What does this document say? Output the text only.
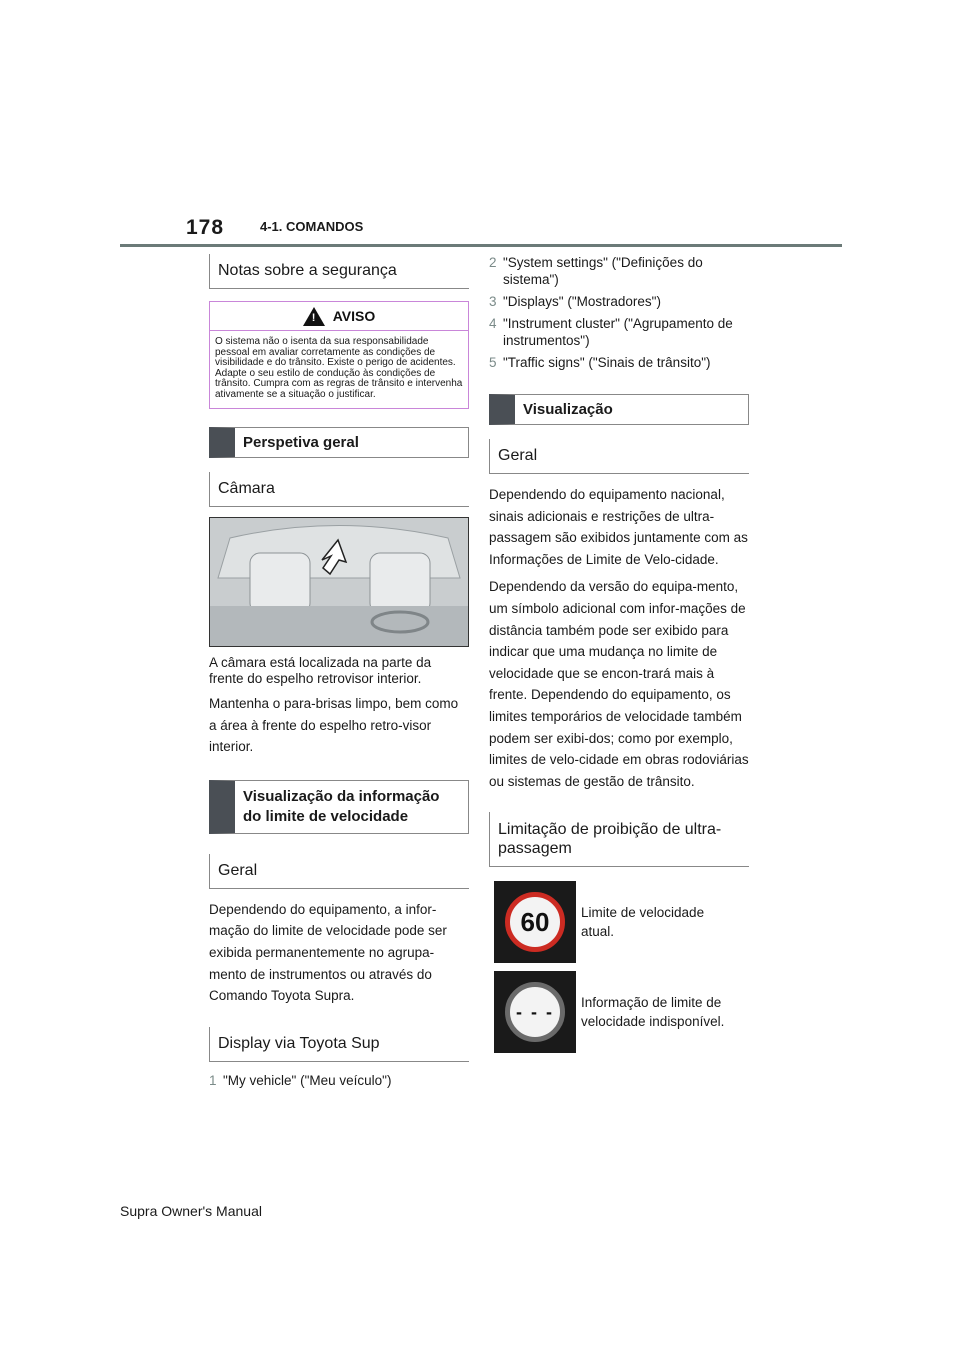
178	4-1. COMANDOS
Notas sobre a segurança
! AVISO
O sistema não o isenta da sua responsabilidade pessoal em avaliar corretamente as condições de visibilidade e do trânsito. Existe o perigo de acidentes. Adapte o seu estilo de condução às condições de trânsito. Cumpra com as regras de trânsito e intervenha ativamente se a situação o justificar.
Perspetiva geral
Câmara

A câmara está localizada na parte da frente do espelho retrovisor interior.

Mantenha o para-brisas limpo, bem como a área à frente do espelho retro-visor interior.

Visualização da informação do limite de velocidade
Geral

Dependendo do equipamento, a infor-mação do limite de velocidade pode ser exibida permanentemente no agrupa-mento de instrumentos ou através do Comando Toyota Supra.

Display via Toyota Sup
1 "My vehicle" ("Meu veículo")
2 "System settings" ("Definições do sistema")
3 "Displays" ("Mostradores")
4 "Instrument cluster" ("Agrupamento de instrumentos")
5 "Traffic signs" ("Sinais de trânsito")
Visualização
Geral

Dependendo do equipamento nacional, sinais adicionais e restrições de ultra-passagem são exibidos juntamente com as Informações de Limite de Velo-cidade.

Dependendo da versão do equipa-mento, um símbolo adicional com infor-mações de distância também pode ser exibido para indicar que uma mudança no limite de velocidade que se encon-trará mais à frente. Dependendo do equipamento, os limites temporários de velocidade também podem ser exibi-dos; como por exemplo, limites de velo-cidade em obras rodoviárias ou sistemas de gestão de trânsito.

Limitação de proibição de ultra-passagem
60	Limite de velocidade atual.
- - -	Informação de limite de velocidade indisponível.
Supra Owner's Manual
